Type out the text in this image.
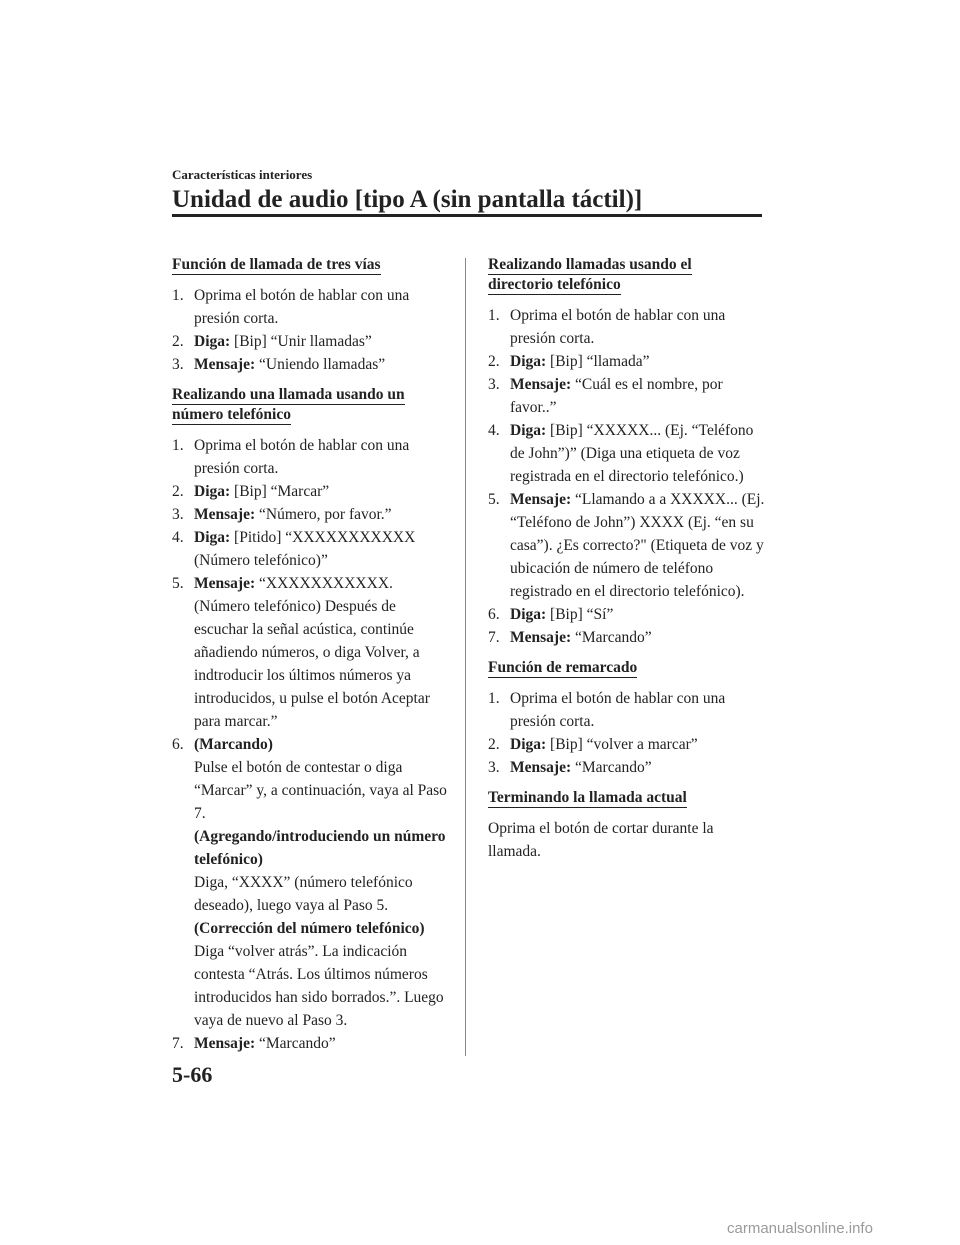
Características interiores
Unidad de audio [tipo A (sin pantalla táctil)]
Función de llamada de tres vías
1. Oprima el botón de hablar con una presión corta.
2. Diga: [Bip] “Unir llamadas”
3. Mensaje: “Uniendo llamadas”
Realizando una llamada usando un
número telefónico
1. Oprima el botón de hablar con una presión corta.
2. Diga: [Bip] “Marcar”
3. Mensaje: “Número, por favor.”
4. Diga: [Pitido] “XXXXXXXXXXX (Número telefónico)”
5. Mensaje: “XXXXXXXXXXX. (Número telefónico) Después de escuchar la señal acústica, continúe añadiendo números, o diga Volver, a indtroducir los últimos números ya introducidos, u pulse el botón Aceptar para marcar.”
6. (Marcando)
Pulse el botón de contestar o diga “Marcar” y, a continuación, vaya al Paso 7.
(Agregando/introduciendo un número telefónico)
Diga, “XXXX” (número telefónico deseado), luego vaya al Paso 5.
(Corrección del número telefónico)
Diga “volver atrás”. La indicación contesta “Atrás. Los últimos números introducidos han sido borrados.”. Luego vaya de nuevo al Paso 3.
7. Mensaje: “Marcando”
Realizando llamadas usando el
directorio telefónico
1. Oprima el botón de hablar con una presión corta.
2. Diga: [Bip] “llamada”
3. Mensaje: “Cuál es el nombre, por favor..”
4. Diga: [Bip] “XXXXX... (Ej. “Teléfono de John”)” (Diga una etiqueta de voz registrada en el directorio telefónico.)
5. Mensaje: “Llamando a a XXXXX... (Ej. “Teléfono de John”) XXXX (Ej. “en su casa”). ¿Es correcto?" (Etiqueta de voz y ubicación de número de teléfono registrado en el directorio telefónico).
6. Diga: [Bip] “Sí”
7. Mensaje: “Marcando”
Función de remarcado
1. Oprima el botón de hablar con una presión corta.
2. Diga: [Bip] “volver a marcar”
3. Mensaje: “Marcando”
Terminando la llamada actual

Oprima el botón de cortar durante la llamada.

5-66
carmanualsonline.info
